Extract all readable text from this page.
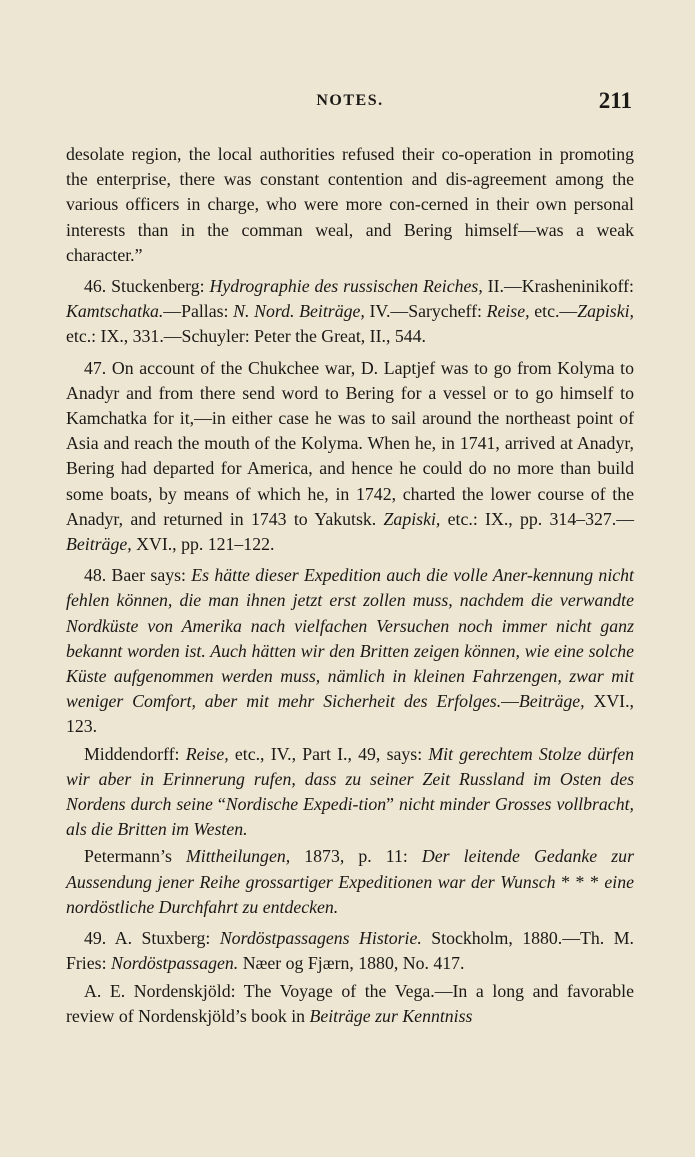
NOTES.	211

desolate region, the local authorities refused their co-operation in promoting the enterprise, there was constant contention and dis-agreement among the various officers in charge, who were more con-cerned in their own personal interests than in the comman weal, and Bering himself—was a weak character.”

46. Stuckenberg: Hydrographie des russischen Reiches, II.—Krasheninikoff: Kamtschatka.—Pallas: N. Nord. Beiträge, IV.—Sarycheff: Reise, etc.—Zapiski, etc.: IX., 331.—Schuyler: Peter the Great, II., 544.

47. On account of the Chukchee war, D. Laptjef was to go from Kolyma to Anadyr and from there send word to Bering for a vessel or to go himself to Kamchatka for it,—in either case he was to sail around the northeast point of Asia and reach the mouth of the Kolyma. When he, in 1741, arrived at Anadyr, Bering had departed for America, and hence he could do no more than build some boats, by means of which he, in 1742, charted the lower course of the Anadyr, and returned in 1743 to Yakutsk. Zapiski, etc.: IX., pp. 314–327.—Beiträge, XVI., pp. 121–122.

48. Baer says: Es hätte dieser Expedition auch die volle Aner-kennung nicht fehlen können, die man ihnen jetzt erst zollen muss, nachdem die verwandte Nordküste von Amerika nach vielfachen Versuchen noch immer nicht ganz bekannt worden ist. Auch hätten wir den Britten zeigen können, wie eine solche Küste aufgenommen werden muss, nämlich in kleinen Fahrzengen, zwar mit weniger Comfort, aber mit mehr Sicherheit des Erfolges.—Beiträge, XVI., 123.

Middendorff: Reise, etc., IV., Part I., 49, says: Mit gerechtem Stolze dürfen wir aber in Erinnerung rufen, dass zu seiner Zeit Russland im Osten des Nordens durch seine “Nordische Expedi-tion” nicht minder Grosses vollbracht, als die Britten im Westen.

Petermann’s Mittheilungen, 1873, p. 11: Der leitende Gedanke zur Aussendung jener Reihe grossartiger Expeditionen war der Wunsch * * * eine nordöstliche Durchfahrt zu entdecken.

49. A. Stuxberg: Nordöstpassagens Historie. Stockholm, 1880.—Th. M. Fries: Nordöstpassagen. Næer og Fjærn, 1880, No. 417.

A. E. Nordenskjöld: The Voyage of the Vega.—In a long and favorable review of Nordenskjöld’s book in Beiträge zur Kenntniss
